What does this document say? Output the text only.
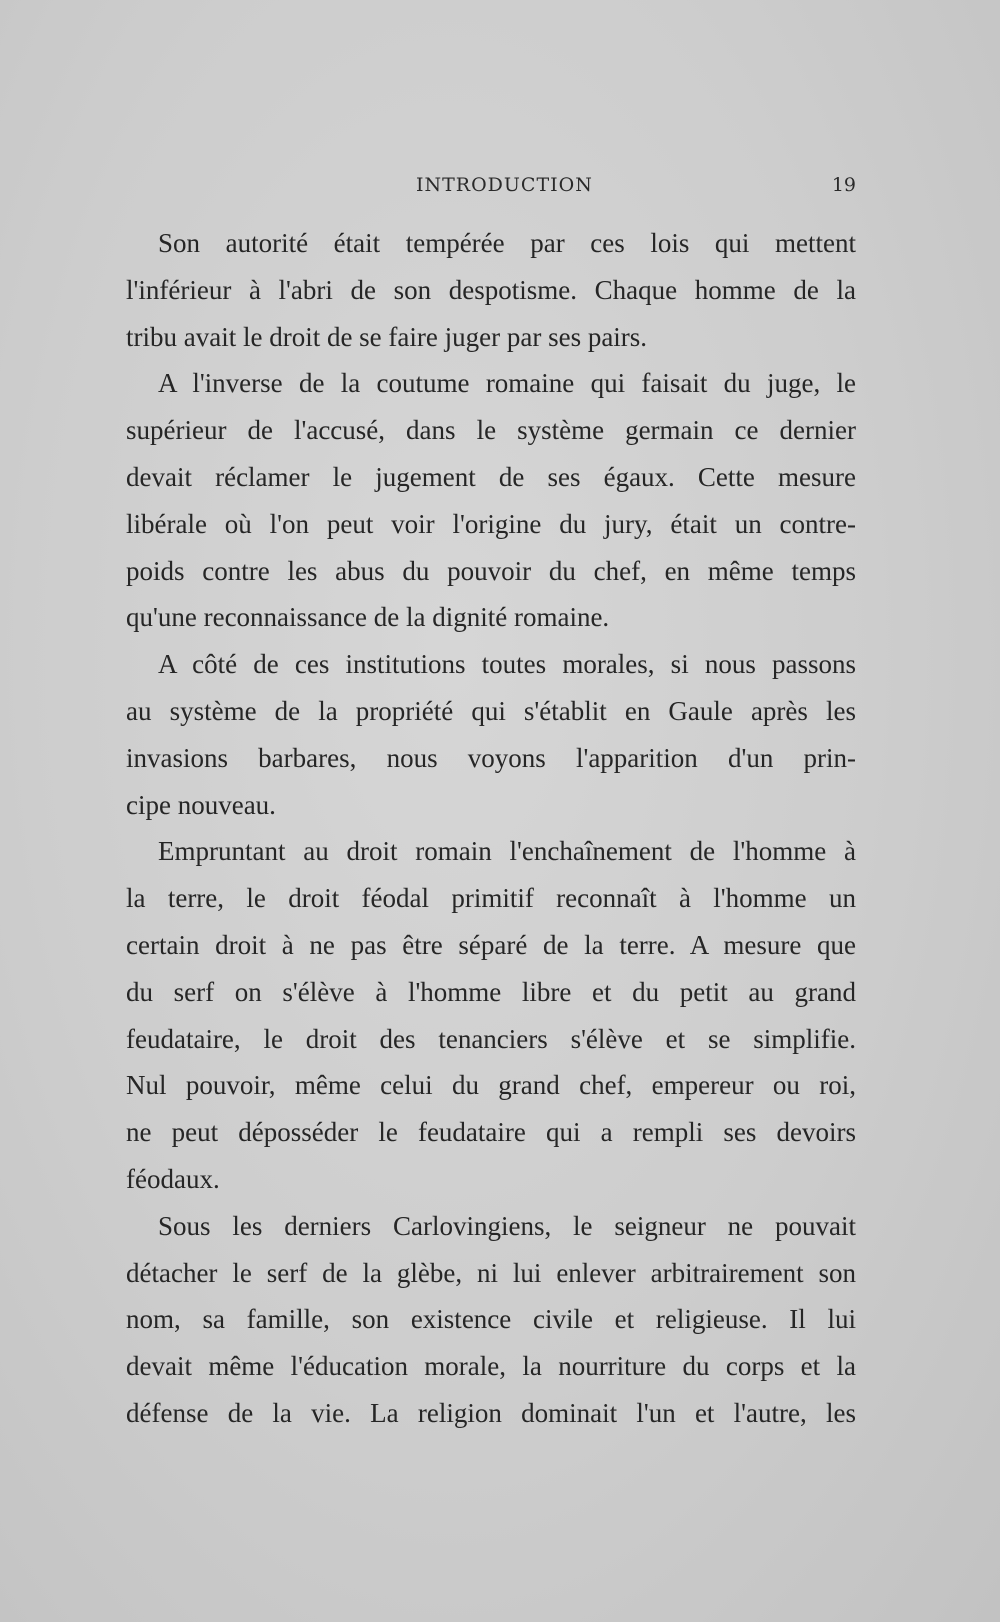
INTRODUCTION	19
Son autorité était tempérée par ces lois qui mettent
l'inférieur à l'abri de son despotisme. Chaque homme de la
tribu avait le droit de se faire juger par ses pairs.
A l'inverse de la coutume romaine qui faisait du juge, le
supérieur de l'accusé, dans le système germain ce dernier
devait réclamer le jugement de ses égaux. Cette mesure
libérale où l'on peut voir l'origine du jury, était un contre-
poids contre les abus du pouvoir du chef, en même temps
qu'une reconnaissance de la dignité romaine.
A côté de ces institutions toutes morales, si nous passons
au système de la propriété qui s'établit en Gaule après les
invasions barbares, nous voyons l'apparition d'un prin-
cipe nouveau.
Empruntant au droit romain l'enchaînement de l'homme à
la terre, le droit féodal primitif reconnaît à l'homme un
certain droit à ne pas être séparé de la terre. A mesure que
du serf on s'élève à l'homme libre et du petit au grand
feudataire, le droit des tenanciers s'élève et se simplifie.
Nul pouvoir, même celui du grand chef, empereur ou roi,
ne peut déposséder le feudataire qui a rempli ses devoirs
féodaux.
Sous les derniers Carlovingiens, le seigneur ne pouvait
détacher le serf de la glèbe, ni lui enlever arbitrairement son
nom, sa famille, son existence civile et religieuse. Il lui
devait même l'éducation morale, la nourriture du corps et la
défense de la vie. La religion dominait l'un et l'autre, les
